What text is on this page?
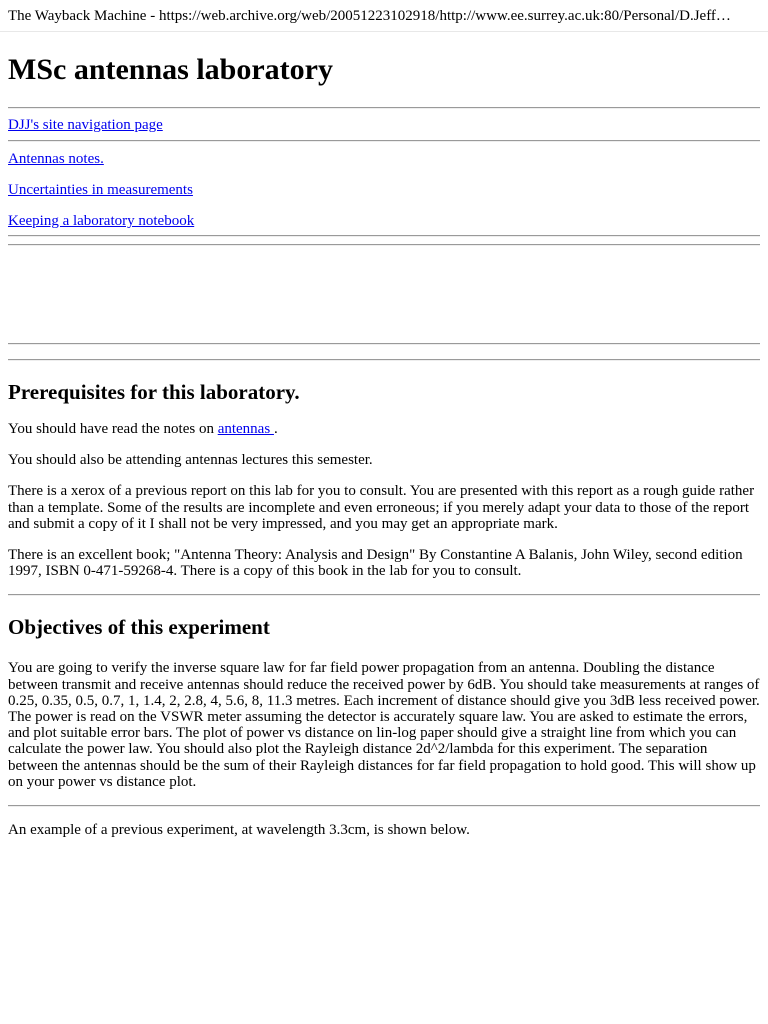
The Wayback Machine - https://web.archive.org/web/20051223102918/http://www.ee.surrey.ac.uk:80/Personal/D.Jeff…
MSc antennas laboratory
DJJ's site navigation page
Antennas notes.
Uncertainties in measurements
Keeping a laboratory notebook
Prerequisites for this laboratory.

You should have read the notes on antennas .

You should also be attending antennas lectures this semester.

There is a xerox of a previous report on this lab for you to consult. You are presented with this report as a rough guide rather than a template. Some of the results are incomplete and even erroneous; if you merely adapt your data to those of the report and submit a copy of it I shall not be very impressed, and you may get an appropriate mark.

There is an excellent book; "Antenna Theory: Analysis and Design" By Constantine A Balanis, John Wiley, second edition 1997, ISBN 0-471-59268-4. There is a copy of this book in the lab for you to consult.

Objectives of this experiment

You are going to verify the inverse square law for far field power propagation from an antenna. Doubling the distance between transmit and receive antennas should reduce the received power by 6dB. You should take measurements at ranges of 0.25, 0.35, 0.5, 0.7, 1, 1.4, 2, 2.8, 4, 5.6, 8, 11.3 metres. Each increment of distance should give you 3dB less received power. The power is read on the VSWR meter assuming the detector is accurately square law. You are asked to estimate the errors, and plot suitable error bars. The plot of power vs distance on lin-log paper should give a straight line from which you can calculate the power law. You should also plot the Rayleigh distance 2d^2/lambda for this experiment. The separation between the antennas should be the sum of their Rayleigh distances for far field propagation to hold good. This will show up on your power vs distance plot.

An example of a previous experiment, at wavelength 3.3cm, is shown below.
